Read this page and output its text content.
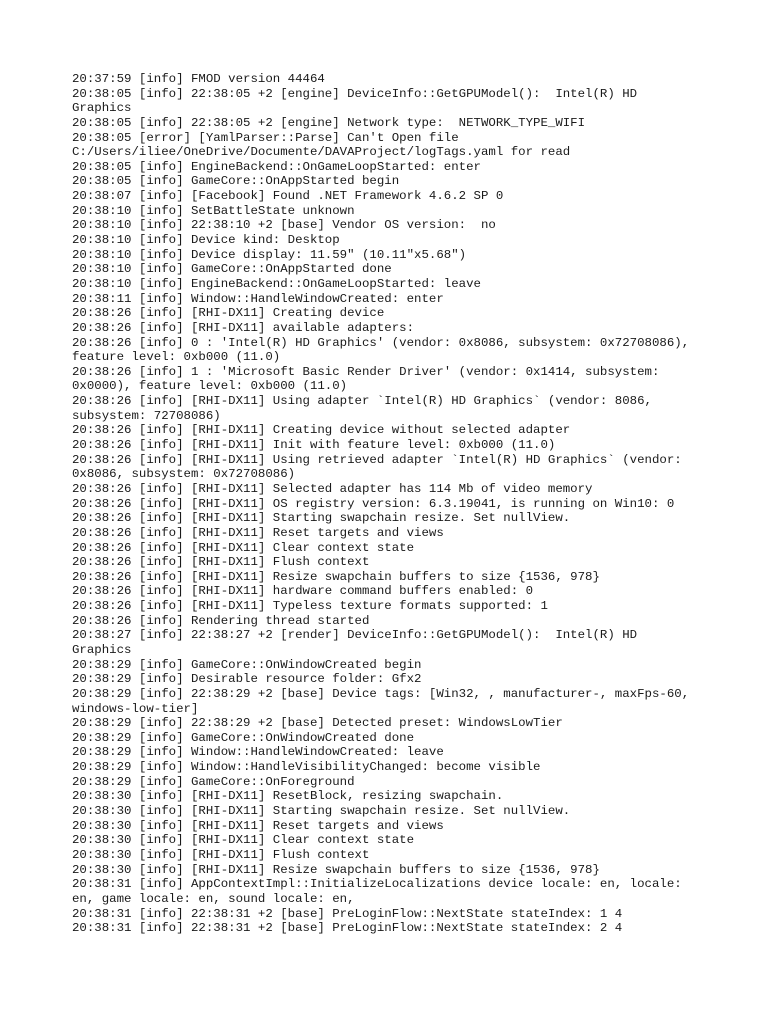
20:37:59 [info] FMOD version 44464

20:38:05 [info] 22:38:05 +2 [engine] DeviceInfo::GetGPUModel():  Intel(R) HD
Graphics

20:38:05 [info] 22:38:05 +2 [engine] Network type:  NETWORK_TYPE_WIFI

20:38:05 [error] [YamlParser::Parse] Can't Open file
C:/Users/iliee/OneDrive/Documente/DAVAProject/logTags.yaml for read

20:38:05 [info] EngineBackend::OnGameLoopStarted: enter

20:38:05 [info] GameCore::OnAppStarted begin

20:38:07 [info] [Facebook] Found .NET Framework 4.6.2 SP 0

20:38:10 [info] SetBattleState unknown

20:38:10 [info] 22:38:10 +2 [base] Vendor OS version:  no

20:38:10 [info] Device kind: Desktop

20:38:10 [info] Device display: 11.59" (10.11"x5.68")

20:38:10 [info] GameCore::OnAppStarted done

20:38:10 [info] EngineBackend::OnGameLoopStarted: leave

20:38:11 [info] Window::HandleWindowCreated: enter

20:38:26 [info] [RHI-DX11] Creating device

20:38:26 [info] [RHI-DX11] available adapters:

20:38:26 [info] 0 : 'Intel(R) HD Graphics' (vendor: 0x8086, subsystem: 0x72708086),
feature level: 0xb000 (11.0)

20:38:26 [info] 1 : 'Microsoft Basic Render Driver' (vendor: 0x1414, subsystem:
0x0000), feature level: 0xb000 (11.0)

20:38:26 [info] [RHI-DX11] Using adapter `Intel(R) HD Graphics` (vendor: 8086,
subsystem: 72708086)

20:38:26 [info] [RHI-DX11] Creating device without selected adapter

20:38:26 [info] [RHI-DX11] Init with feature level: 0xb000 (11.0)

20:38:26 [info] [RHI-DX11] Using retrieved adapter `Intel(R) HD Graphics` (vendor:
0x8086, subsystem: 0x72708086)

20:38:26 [info] [RHI-DX11] Selected adapter has 114 Mb of video memory

20:38:26 [info] [RHI-DX11] OS registry version: 6.3.19041, is running on Win10: 0

20:38:26 [info] [RHI-DX11] Starting swapchain resize. Set nullView.

20:38:26 [info] [RHI-DX11] Reset targets and views

20:38:26 [info] [RHI-DX11] Clear context state

20:38:26 [info] [RHI-DX11] Flush context

20:38:26 [info] [RHI-DX11] Resize swapchain buffers to size {1536, 978}

20:38:26 [info] [RHI-DX11] hardware command buffers enabled: 0

20:38:26 [info] [RHI-DX11] Typeless texture formats supported: 1

20:38:26 [info] Rendering thread started

20:38:27 [info] 22:38:27 +2 [render] DeviceInfo::GetGPUModel():  Intel(R) HD
Graphics

20:38:29 [info] GameCore::OnWindowCreated begin

20:38:29 [info] Desirable resource folder: Gfx2

20:38:29 [info] 22:38:29 +2 [base] Device tags: [Win32, , manufacturer-, maxFps-60,
windows-low-tier]

20:38:29 [info] 22:38:29 +2 [base] Detected preset: WindowsLowTier

20:38:29 [info] GameCore::OnWindowCreated done

20:38:29 [info] Window::HandleWindowCreated: leave

20:38:29 [info] Window::HandleVisibilityChanged: become visible

20:38:29 [info] GameCore::OnForeground

20:38:30 [info] [RHI-DX11] ResetBlock, resizing swapchain.

20:38:30 [info] [RHI-DX11] Starting swapchain resize. Set nullView.

20:38:30 [info] [RHI-DX11] Reset targets and views

20:38:30 [info] [RHI-DX11] Clear context state

20:38:30 [info] [RHI-DX11] Flush context

20:38:30 [info] [RHI-DX11] Resize swapchain buffers to size {1536, 978}

20:38:31 [info] AppContextImpl::InitializeLocalizations device locale: en, locale:
en, game locale: en, sound locale: en,

20:38:31 [info] 22:38:31 +2 [base] PreLoginFlow::NextState stateIndex: 1 4

20:38:31 [info] 22:38:31 +2 [base] PreLoginFlow::NextState stateIndex: 2 4
